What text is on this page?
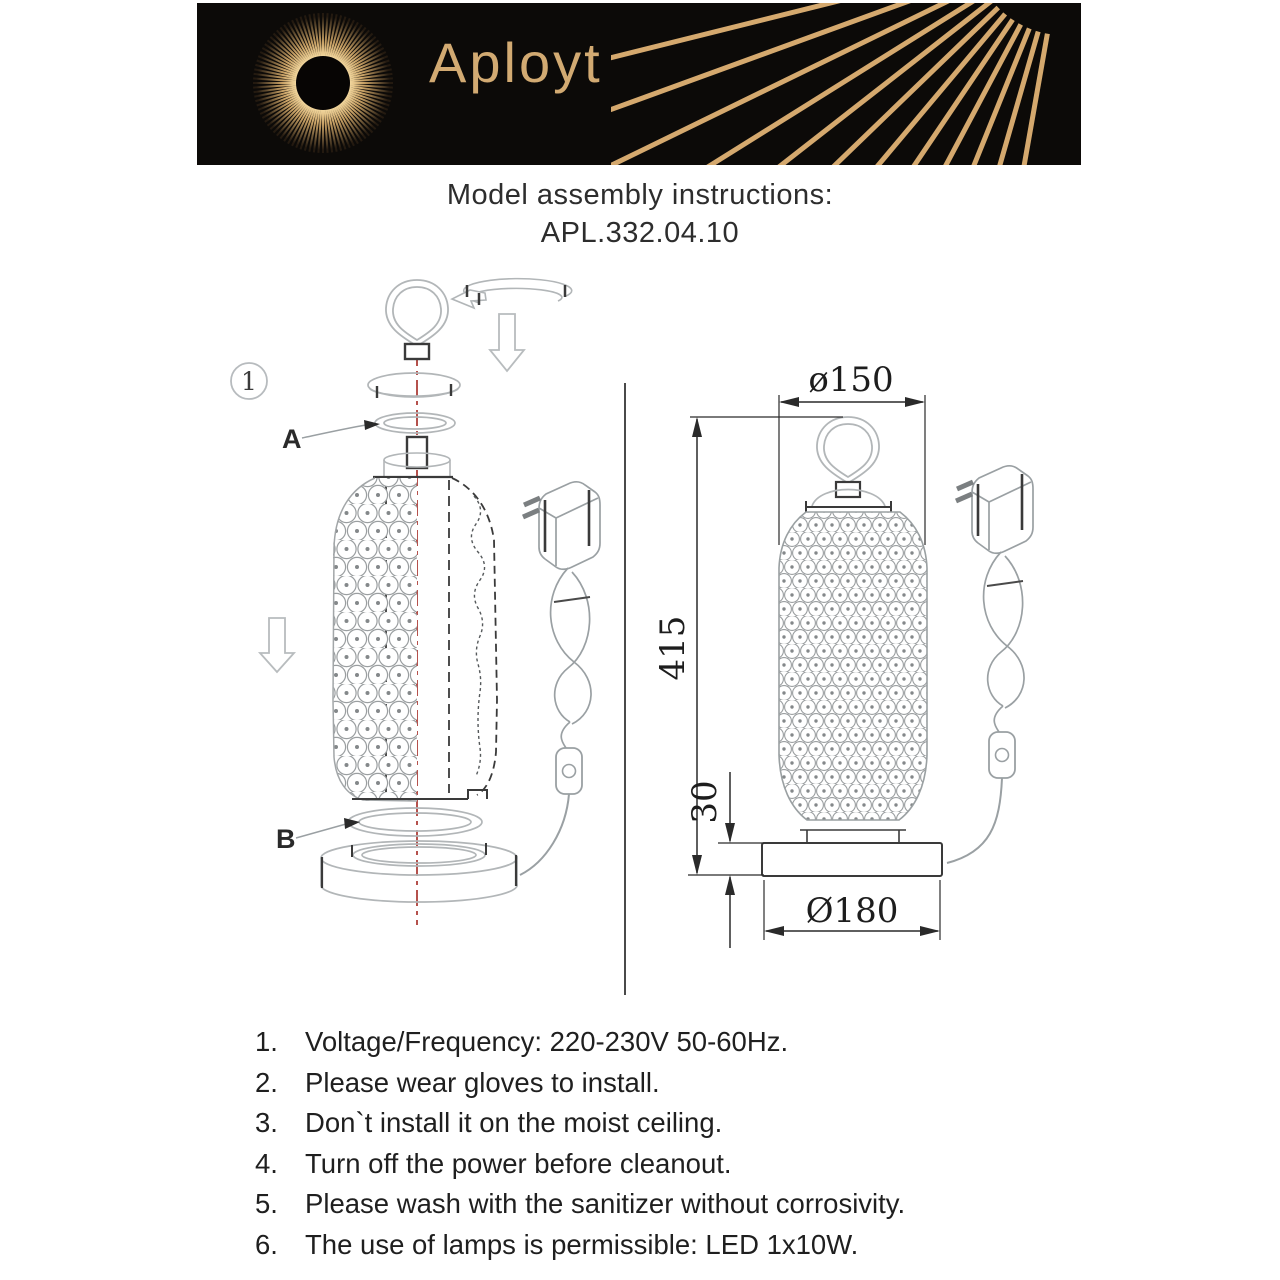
Aployt
Model assembly instructions:
APL.332.04.10
1
A
B
ø150
415
30
Ø180
1. Voltage/Frequency: 220-230V 50-60Hz.
2. Please wear gloves to install.
3. Don`t install it on the moist ceiling.
4. Turn off the power before cleanout.
5. Please wash with the sanitizer without corrosivity.
6. The use of lamps is permissible: LED 1x10W.
